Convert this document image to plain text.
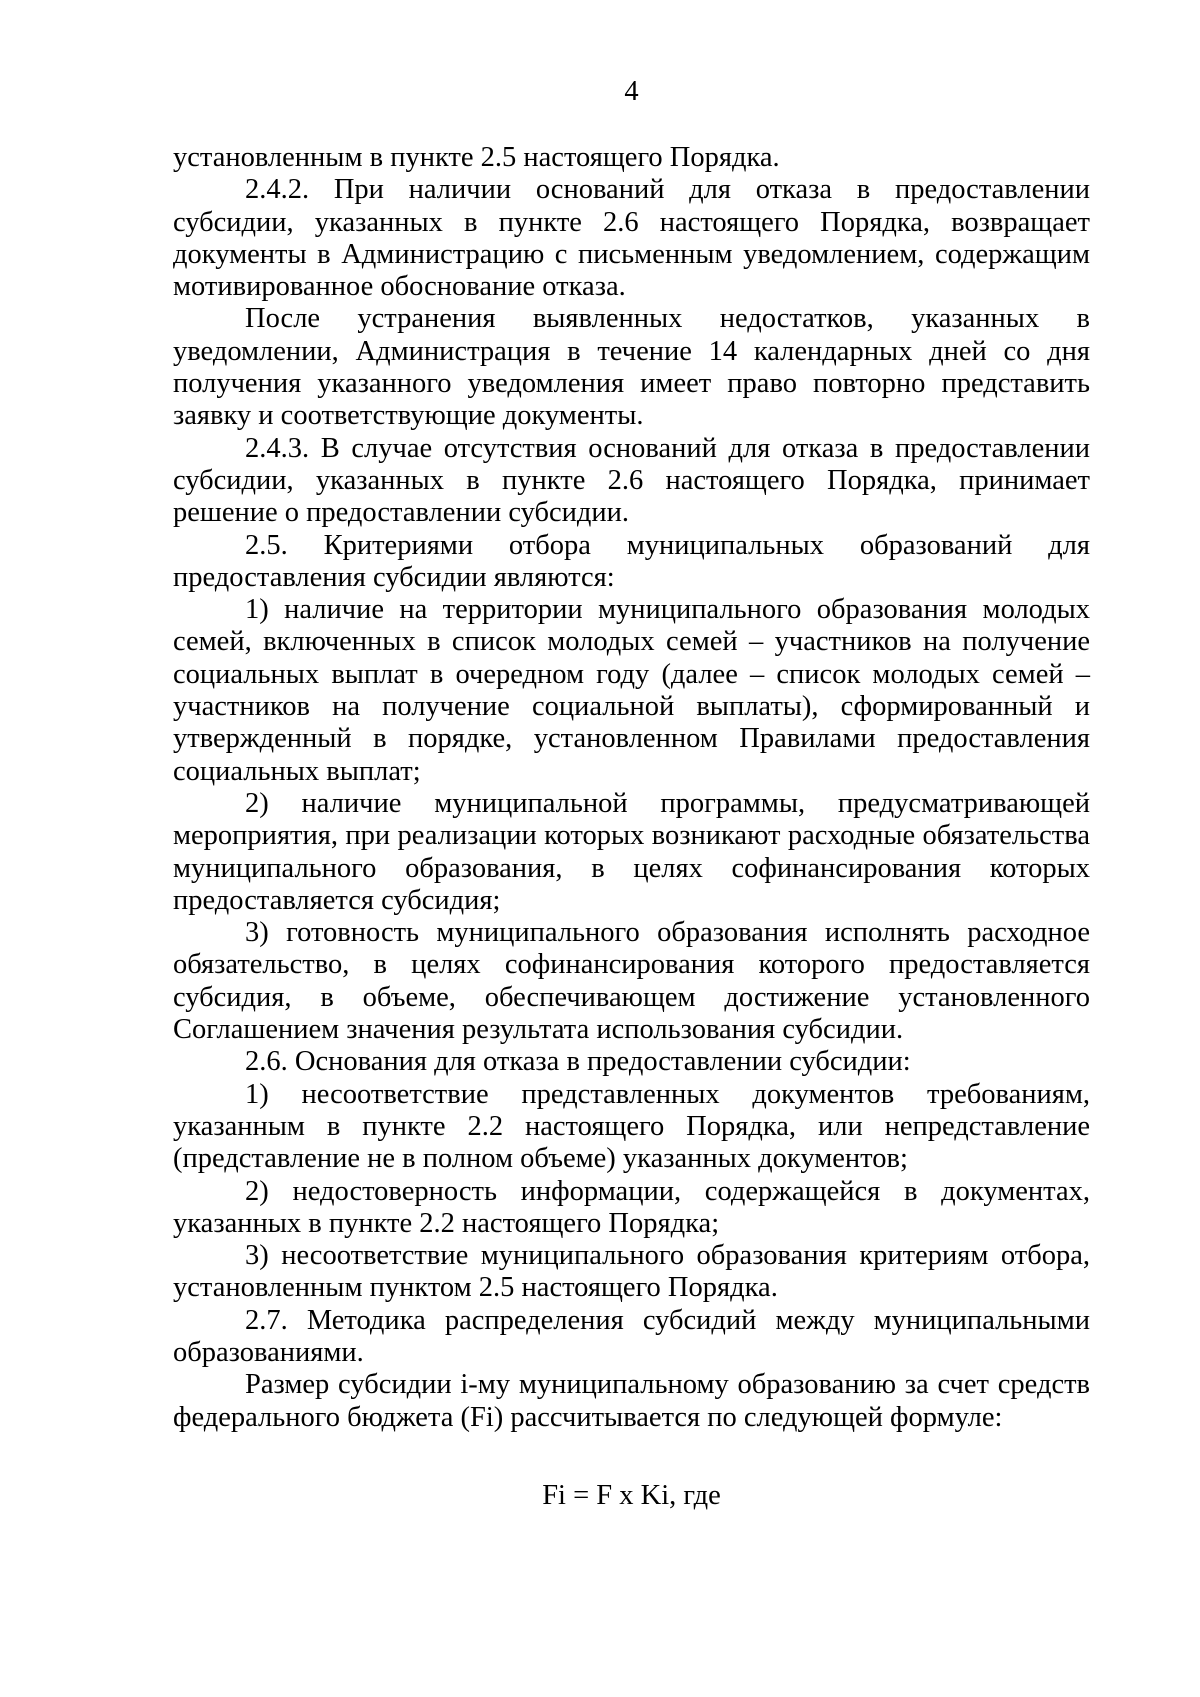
4

установленным в пункте 2.5 настоящего Порядка.

2.4.2. При наличии оснований для отказа в предоставлении субсидии, указанных в пункте 2.6 настоящего Порядка, возвращает документы в Администрацию с письменным уведомлением, содержащим мотивированное обоснование отказа.

После устранения выявленных недостатков, указанных в уведомлении, Администрация в течение 14 календарных дней со дня получения указанного уведомления имеет право повторно представить заявку и соответствующие документы.

2.4.3. В случае отсутствия оснований для отказа в предоставлении субсидии, указанных в пункте 2.6 настоящего Порядка, принимает решение о предоставлении субсидии.

2.5. Критериями отбора муниципальных образований для предоставления субсидии являются:

1) наличие на территории муниципального образования молодых семей, включенных в список молодых семей – участников на получение социальных выплат в очередном году (далее – список молодых семей – участников на получение социальной выплаты), сформированный и утвержденный в порядке, установленном Правилами предоставления социальных выплат;

2) наличие муниципальной программы, предусматривающей мероприятия, при реализации которых возникают расходные обязательства муниципального образования, в целях софинансирования которых предоставляется субсидия;

3) готовность муниципального образования исполнять расходное обязательство, в целях софинансирования которого предоставляется субсидия, в объеме, обеспечивающем достижение установленного Соглашением значения результата использования субсидии.

2.6. Основания для отказа в предоставлении субсидии:

1) несоответствие представленных документов требованиям, указанным в пункте 2.2 настоящего Порядка, или непредставление (представление не в полном объеме) указанных документов;

2) недостоверность информации, содержащейся в документах, указанных в пункте 2.2 настоящего Порядка;

3) несоответствие муниципального образования критериям отбора, установленным пунктом 2.5 настоящего Порядка.

2.7. Методика распределения субсидий между муниципальными образованиями.

Размер субсидии i-му муниципальному образованию за счет средств федерального бюджета (Fi) рассчитывается по следующей формуле:

Fi = F x Ki, где
